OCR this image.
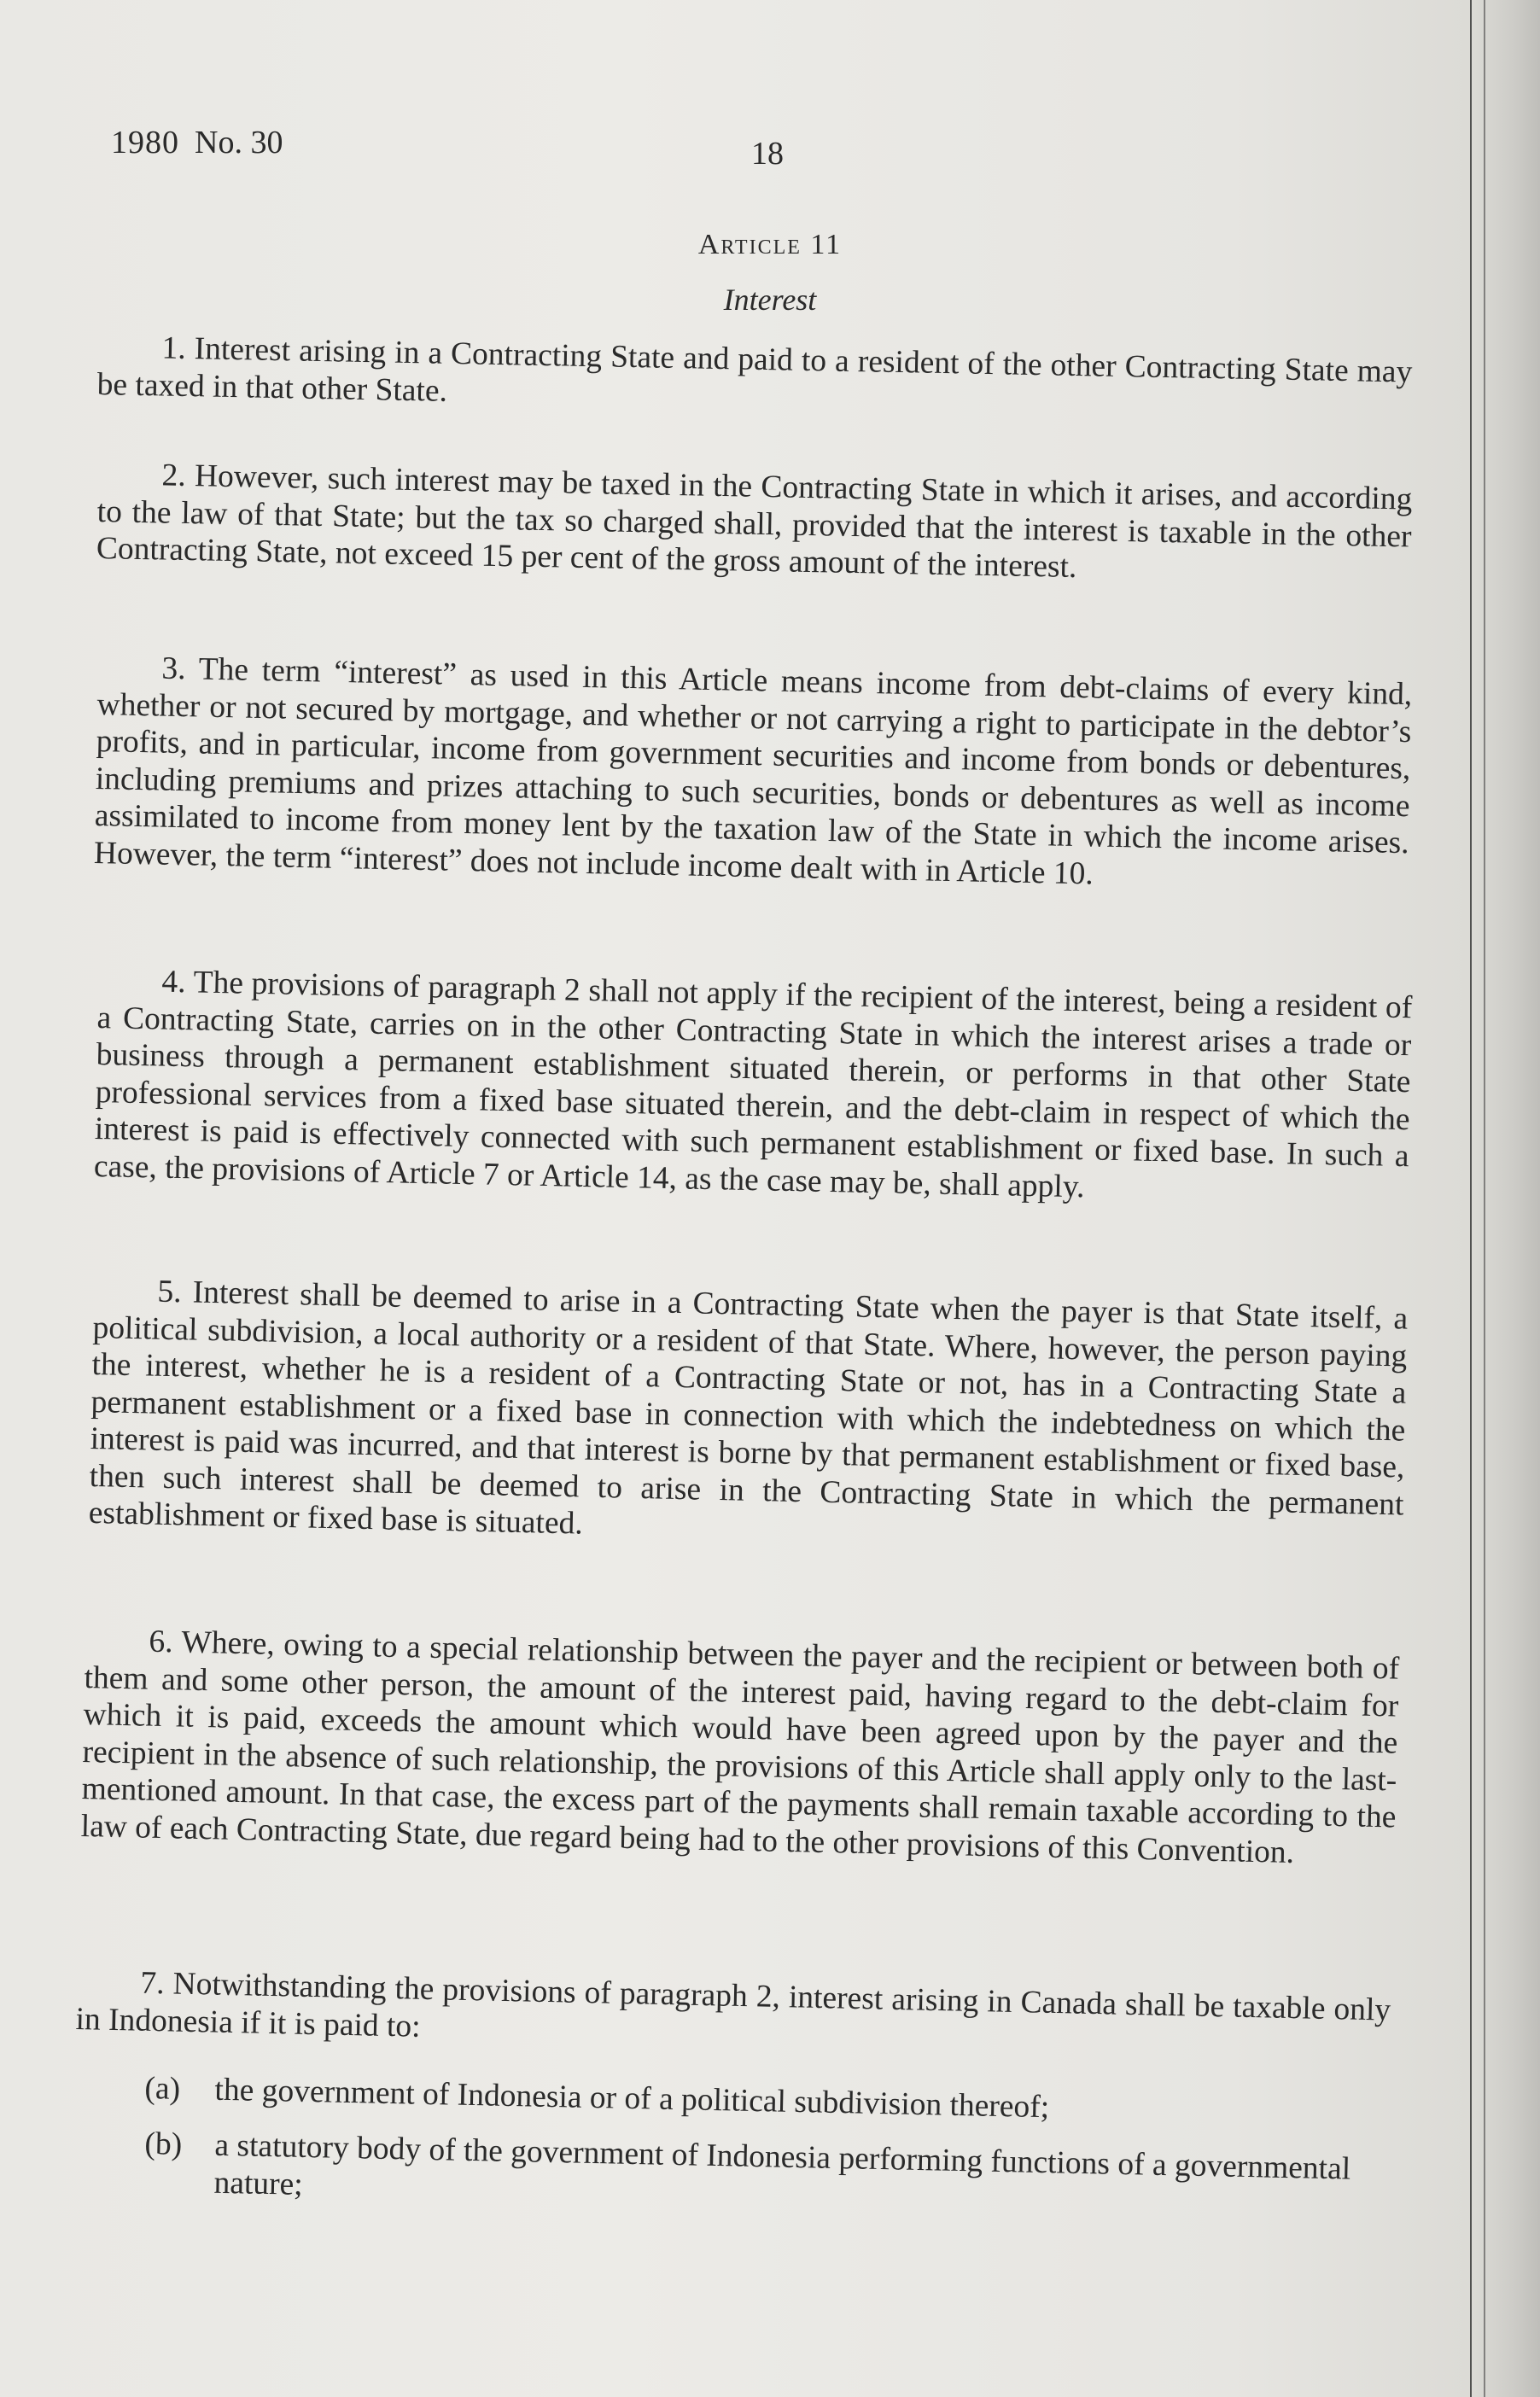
1980 No. 30	18
Article 11
Interest

1. Interest arising in a Contracting State and paid to a resident of the other Contracting State may be taxed in that other State.

2. However, such interest may be taxed in the Contracting State in which it arises, and according to the law of that State; but the tax so charged shall, provided that the interest is taxable in the other Contracting State, not exceed 15 per cent of the gross amount of the interest.

3. The term “interest” as used in this Article means income from debt-claims of every kind, whether or not secured by mortgage, and whether or not carrying a right to participate in the debtor’s profits, and in particular, income from government securities and income from bonds or debentures, including premiums and prizes attaching to such securities, bonds or debentures as well as income assimilated to income from money lent by the taxation law of the State in which the income arises. However, the term “interest” does not include income dealt with in Article 10.

4. The provisions of paragraph 2 shall not apply if the recipient of the interest, being a resident of a Contracting State, carries on in the other Contracting State in which the interest arises a trade or business through a permanent establishment situated therein, or performs in that other State professional services from a fixed base situated therein, and the debt-claim in respect of which the interest is paid is effectively connected with such permanent establishment or fixed base. In such a case, the provisions of Article 7 or Article 14, as the case may be, shall apply.

5. Interest shall be deemed to arise in a Contracting State when the payer is that State itself, a political subdivision, a local authority or a resident of that State. Where, however, the person paying the interest, whether he is a resident of a Contracting State or not, has in a Contracting State a permanent establishment or a fixed base in connection with which the indebtedness on which the interest is paid was incurred, and that interest is borne by that permanent establishment or fixed base, then such interest shall be deemed to arise in the Contracting State in which the permanent establishment or fixed base is situated.

6. Where, owing to a special relationship between the payer and the recipient or between both of them and some other person, the amount of the interest paid, having regard to the debt-claim for which it is paid, exceeds the amount which would have been agreed upon by the payer and the recipient in the absence of such relationship, the provisions of this Article shall apply only to the last-mentioned amount. In that case, the excess part of the payments shall remain taxable according to the law of each Contracting State, due regard being had to the other provisions of this Convention.

7. Notwithstanding the provisions of paragraph 2, interest arising in Canada shall be taxable only in Indonesia if it is paid to:

(a)	the government of Indonesia or of a political subdivision thereof;
(b) a statutory body of the government of Indonesia performing functions of a governmental nature;
